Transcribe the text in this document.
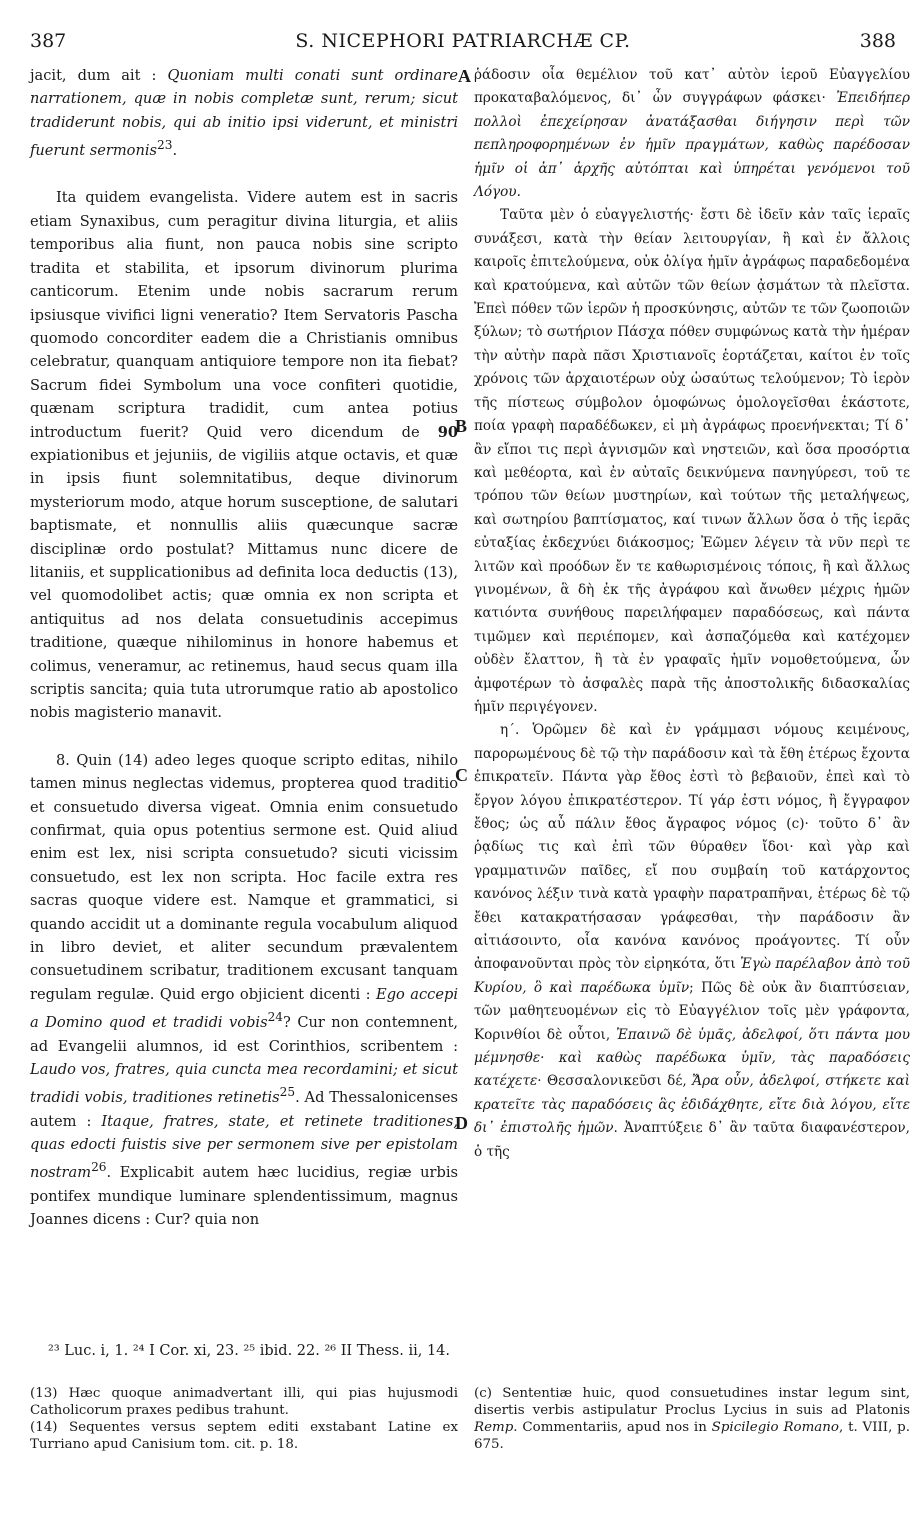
387	S. NICEPHORI PATRIARCHÆ CP.	388
A
B
C
D

jacit, dum ait : Quoniam multi conati sunt ordinare narrationem, quæ in nobis completæ sunt, rerum; sicut tradiderunt nobis, qui ab initio ipsi viderunt, et ministri fuerunt sermonis$^{23}$.

Ita quidem evangelista. Videre autem est in sacris etiam Synaxibus, cum peragitur divina liturgia, et aliis temporibus alia fiunt, non pauca nobis sine scripto tradita et stabilita, et ipsorum divinorum plurima canticorum. Etenim unde nobis sacrarum rerum ipsiusque vivifici ligni veneratio? Item Servatoris Pascha quomodo concorditer eadem die a Christianis omnibus celebratur, quanquam antiquiore tempore non ita fiebat? Sacrum fidei Symbolum una voce confiteri quotidie, quænam scriptura tradidit, cum antea potius introductum fuerit? Quid vero dicendum de 90 expiationibus et jejuniis, de vigiliis atque octavis, et quæ in ipsis fiunt solemnitatibus, deque divinorum mysteriorum modo, atque horum susceptione, de salutari baptismate, et nonnullis aliis quæcunque sacræ disciplinæ ordo postulat? Mittamus nunc dicere de litaniis, et supplicationibus ad definita loca deductis (13), vel quomodolibet actis; quæ omnia ex non scripta et antiquitus ad nos delata consuetudinis accepimus traditione, quæque nihilominus in honore habemus et colimus, veneramur, ac retinemus, haud secus quam illa scriptis sancita; quia tuta utrorumque ratio ab apostolico nobis magisterio manavit.

8. Quin (14) adeo leges quoque scripto editas, nihilo tamen minus neglectas videmus, propterea quod traditio et consuetudo diversa vigeat. Omnia enim consuetudo confirmat, quia opus potentius sermone est. Quid aliud enim est lex, nisi scripta consuetudo? sicuti vicissim consuetudo, est lex non scripta. Hoc facile extra res sacras quoque videre est. Namque et grammatici, si quando accidit ut a dominante regula vocabulum aliquod in libro deviet, et aliter secundum prævalentem consuetudinem scribatur, traditionem excusant tanquam regulam regulæ. Quid ergo objicient dicenti : Ego accepi a Domino quod et tradidi vobis$^{24}$? Cur non contemnent, ad Evangelii alumnos, id est Corinthios, scribentem : Laudo vos, fratres, quia cuncta mea recordamini; et sicut tradidi vobis, traditiones retinetis$^{25}$. Ad Thessalonicenses autem : Itaque, fratres, state, et retinete traditiones, quas edocti fuistis sive per sermonem sive per epistolam nostram$^{26}$. Explicabit autem hæc lucidius, regiæ urbis pontifex mundique luminare splendentissimum, magnus Joannes dicens : Cur? quia non

ῥάδοσιν οἷα θεμέλιον τοῦ κατ᾽ αὐτὸν ἱεροῦ Εὐαγγελίου προκαταβαλόμενος, δι᾽ ὧν συγγράφων φάσκει· Ἐπειδήπερ πολλοὶ ἐπεχείρησαν ἀνατάξασθαι διήγησιν περὶ τῶν πεπληροφορημένων ἐν ἡμῖν πραγμάτων, καθὼς παρέδοσαν ἡμῖν οἱ ἀπ᾽ ἀρχῆς αὐτόπται καὶ ὑπηρέται γενόμενοι τοῦ Λόγου.

Ταῦτα μὲν ὁ εὐαγγελιστής· ἔστι δὲ ἰδεῖν κἀν ταῖς ἱεραῖς συνάξεσι, κατὰ τὴν θείαν λειτουργίαν, ἢ καὶ ἐν ἄλλοις καιροῖς ἐπιτελούμενα, οὐκ ὀλίγα ἡμῖν ἀγράφως παραδεδομένα καὶ κρατούμενα, καὶ αὐτῶν τῶν θείων ᾀσμάτων τὰ πλεῖστα. Ἐπεὶ πόθεν τῶν ἱερῶν ἡ προσκύνησις, αὐτῶν τε τῶν ζωοποιῶν ξύλων; τὸ σωτήριον Πάσχα πόθεν συμφώνως κατὰ τὴν ἡμέραν τὴν αὐτὴν παρὰ πᾶσι Χριστιανοῖς ἑορτάζεται, καίτοι ἐν τοῖς χρόνοις τῶν ἀρχαιοτέρων οὐχ ὡσαύτως τελούμενον; Τὸ ἱερὸν τῆς πίστεως σύμβολον ὁμοφώνως ὁμολογεῖσθαι ἑκάστοτε, ποία γραφὴ παραδέδωκεν, εἰ μὴ ἀγράφως προενήνεκται; Τί δ᾽ ἂν εἴποι τις περὶ ἁγνισμῶν καὶ νηστειῶν, καὶ ὅσα προσόρτια καὶ μεθέορτα, καὶ ἐν αὐταῖς δεικνύμενα πανηγύρεσι, τοῦ τε τρόπου τῶν θείων μυστηρίων, καὶ τούτων τῆς μεταλήψεως, καὶ σωτηρίου βαπτίσματος, καί τινων ἄλλων ὅσα ὁ τῆς ἱερᾶς εὐταξίας ἐκδεχνύει διάκοσμος; Ἐῶμεν λέγειν τὰ νῦν περὶ τε λιτῶν καὶ προόδων ἔν τε καθωρισμένοις τόποις, ἢ καὶ ἄλλως γινομένων, ἃ δὴ ἐκ τῆς ἀγράφου καὶ ἄνωθεν μέχρις ἡμῶν κατιόντα συνήθους παρειλήφαμεν παραδόσεως, καὶ πάντα τιμῶμεν καὶ περιέπομεν, καὶ ἀσπαζόμεθα καὶ κατέχομεν οὐδὲν ἔλαττον, ἢ τὰ ἐν γραφαῖς ἡμῖν νομοθετούμενα, ὧν ἀμφοτέρων τὸ ἀσφαλὲς παρὰ τῆς ἀποστολικῆς διδασκαλίας ἡμῖν περιγέγονεν.

η´. Ὁρῶμεν δὲ καὶ ἐν γράμμασι νόμους κειμένους, παρορωμένους δὲ τῷ τὴν παράδοσιν καὶ τὰ ἔθη ἑτέρως ἔχοντα ἐπικρατεῖν. Πάντα γὰρ ἔθος ἐστὶ τὸ βεβαιοῦν, ἐπεὶ καὶ τὸ ἔργον λόγου ἐπικρατέστερον. Τί γάρ ἐστι νόμος, ἢ ἔγγραφον ἔθος; ὡς αὖ πάλιν ἔθος ἄγραφος νόμος (c)· τοῦτο δ᾽ ἂν ῥᾳδίως τις καὶ ἐπὶ τῶν θύραθεν ἴδοι· καὶ γὰρ καὶ γραμματινῶν παῖδες, εἴ που συμβαίη τοῦ κατάρχοντος κανόνος λέξιν τινὰ κατὰ γραφὴν παρατραπῆναι, ἑτέρως δὲ τῷ ἔθει κατακρατήσασαν γράφεσθαι, τὴν παράδοσιν ἂν αἰτιάσοιντο, οἷα κανόνα κανόνος προάγοντες. Τί οὖν ἀποφανοῦνται πρὸς τὸν εἰρηκότα, ὅτι Ἐγὼ παρέλαβον ἀπὸ τοῦ Κυρίου, ὃ καὶ παρέδωκα ὑμῖν; Πῶς δὲ οὐκ ἂν διαπτύσειαν, τῶν μαθητευομένων εἰς τὸ Εὐαγγέλιον τοῖς μὲν γράφοντα, Κορινθίοι δὲ οὗτοι, Ἐπαινῶ δὲ ὑμᾶς, ἀδελφοί, ὅτι πάντα μου μέμνησθε· καὶ καθὼς παρέδωκα ὑμῖν, τὰς παραδόσεις κατέχετε· Θεσσαλονικεῦσι δέ, Ἄρα οὖν, ἀδελφοί, στήκετε καὶ κρατεῖτε τὰς παραδόσεις ἃς ἐδιδάχθητε, εἴτε διὰ λόγου, εἴτε δι᾽ ἐπιστολῆς ἡμῶν. Ἀναπτύξειε δ᾽ ἂν ταῦτα διαφανέστερον, ὁ τῆς

²³ Luc. i, 1. ²⁴ I Cor. xi, 23. ²⁵ ibid. 22. ²⁶ II Thess. ii, 14.

(13) Hæc quoque animadvertant illi, qui pias hujusmodi Catholicorum praxes pedibus trahunt.

(14) Sequentes versus septem editi exstabant Latine ex Turriano apud Canisium tom. cit. p. 18.

(c) Sententiæ huic, quod consuetudines instar legum sint, disertis verbis astipulatur Proclus Lycius in suis ad Platonis Remp. Commentariis, apud nos in Spicilegio Romano, t. VIII, p. 675.
